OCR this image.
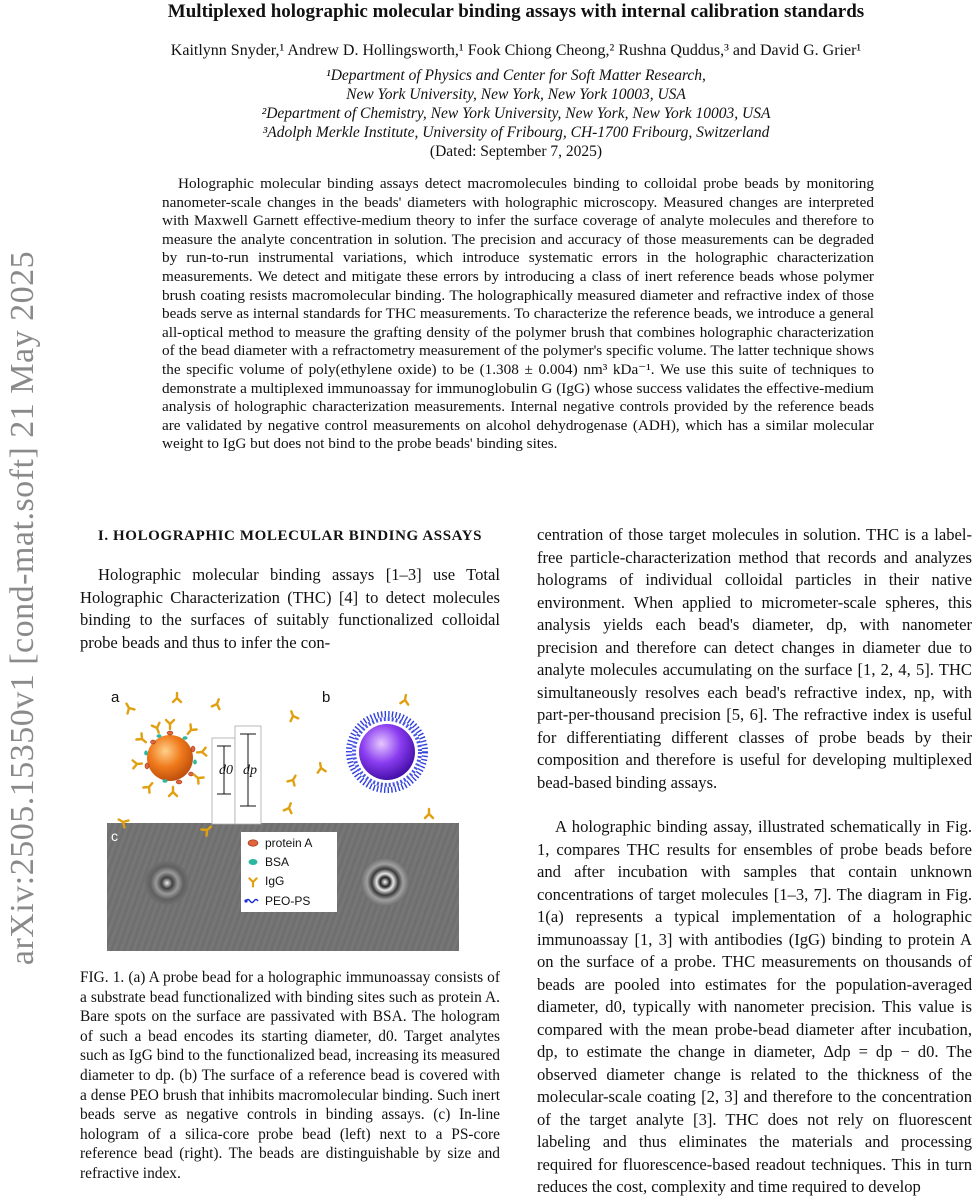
arXiv:2505.15350v1 [cond-mat.soft] 21 May 2025
Multiplexed holographic molecular binding assays with internal calibration standards
Kaitlynn Snyder,¹ Andrew D. Hollingsworth,¹ Fook Chiong Cheong,² Rushna Quddus,³ and David G. Grier¹
¹Department of Physics and Center for Soft Matter Research,
New York University, New York, New York 10003, USA
²Department of Chemistry, New York University, New York, New York 10003, USA
³Adolph Merkle Institute, University of Fribourg, CH-1700 Fribourg, Switzerland
(Dated: September 7, 2025)
Holographic molecular binding assays detect macromolecules binding to colloidal probe beads by monitoring nanometer-scale changes in the beads' diameters with holographic microscopy. Measured changes are interpreted with Maxwell Garnett effective-medium theory to infer the surface coverage of analyte molecules and therefore to measure the analyte concentration in solution. The precision and accuracy of those measurements can be degraded by run-to-run instrumental variations, which introduce systematic errors in the holographic characterization measurements. We detect and mitigate these errors by introducing a class of inert reference beads whose polymer brush coating resists macromolecular binding. The holographically measured diameter and refractive index of those beads serve as internal standards for THC measurements. To characterize the reference beads, we introduce a general all-optical method to measure the grafting density of the polymer brush that combines holographic characterization of the bead diameter with a refractometry measurement of the polymer's specific volume. The latter technique shows the specific volume of poly(ethylene oxide) to be (1.308 ± 0.004) nm³ kDa⁻¹. We use this suite of techniques to demonstrate a multiplexed immunoassay for immunoglobulin G (IgG) whose success validates the effective-medium analysis of holographic characterization measurements. Internal negative controls provided by the reference beads are validated by negative control measurements on alcohol dehydrogenase (ADH), which has a similar molecular weight to IgG but does not bind to the probe beads' binding sites.
I. HOLOGRAPHIC MOLECULAR BINDING ASSAYS

Holographic molecular binding assays [1–3] use Total Holographic Characterization (THC) [4] to detect molecules binding to the surfaces of suitably functionalized colloidal probe beads and thus to infer the con-

a	b
c
d0 dp
protein A
BSA
IgG
PEO-PS
FIG. 1. (a) A probe bead for a holographic immunoassay consists of a substrate bead functionalized with binding sites such as protein A. Bare spots on the surface are passivated with BSA. The hologram of such a bead encodes its starting diameter, d0. Target analytes such as IgG bind to the functionalized bead, increasing its measured diameter to dp. (b) The surface of a reference bead is covered with a dense PEO brush that inhibits macromolecular binding. Such inert beads serve as negative controls in binding assays. (c) In-line hologram of a silica-core probe bead (left) next to a PS-core reference bead (right). The beads are distinguishable by size and refractive index.

centration of those target molecules in solution. THC is a label-free particle-characterization method that records and analyzes holograms of individual colloidal particles in their native environment. When applied to micrometer-scale spheres, this analysis yields each bead's diameter, dp, with nanometer precision and therefore can detect changes in diameter due to analyte molecules accumulating on the surface [1, 2, 4, 5]. THC simultaneously resolves each bead's refractive index, np, with part-per-thousand precision [5, 6]. The refractive index is useful for differentiating different classes of probe beads by their composition and therefore is useful for developing multiplexed bead-based binding assays.

A holographic binding assay, illustrated schematically in Fig. 1, compares THC results for ensembles of probe beads before and after incubation with samples that contain unknown concentrations of target molecules [1–3, 7]. The diagram in Fig. 1(a) represents a typical implementation of a holographic immunoassay [1, 3] with antibodies (IgG) binding to protein A on the surface of a probe. THC measurements on thousands of beads are pooled into estimates for the population-averaged diameter, d0, typically with nanometer precision. This value is compared with the mean probe-bead diameter after incubation, dp, to estimate the change in diameter, Δdp = dp − d0. The observed diameter change is related to the thickness of the molecular-scale coating [2, 3] and therefore to the concentration of the target analyte [3]. THC does not rely on fluorescent labeling and thus eliminates the materials and processing required for fluorescence-based readout techniques. This in turn reduces the cost, complexity and time required to develop
